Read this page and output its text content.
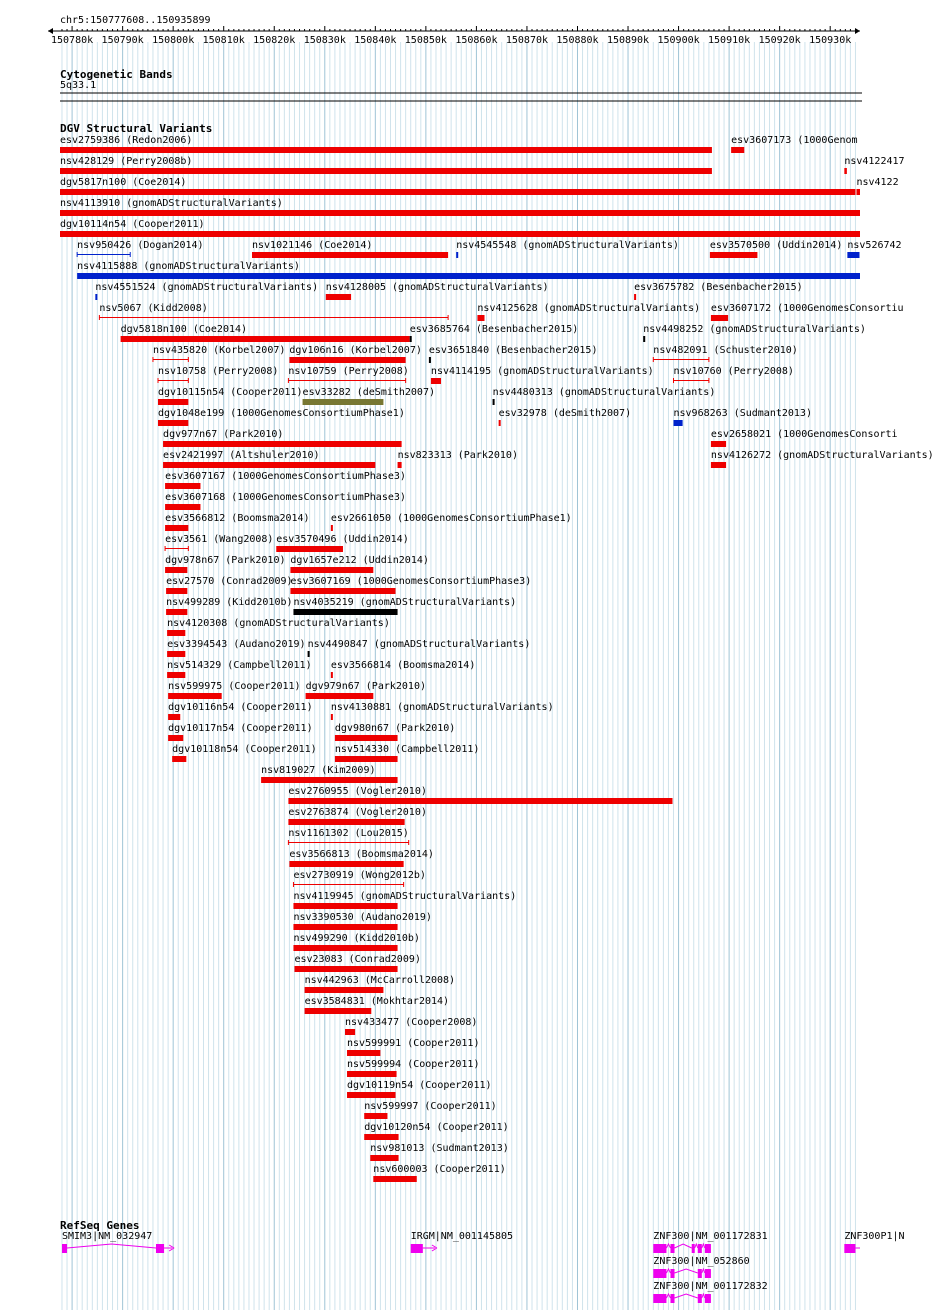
chr5:150777608..150935899
150780k 150790k 150800k 150810k 150820k 150830k 150840k 150850k 150860k 150870k 150880k 150890k 150900k 150910k 150920k 150930k
Cytogenetic Bands
5q33.1
DGV Structural Variants
esv2759386 (Redon2006)	esv3607173 (1000Genom
nsv428129 (Perry2008b)	nsv4122417
dgv5817n100 (Coe2014)	nsv4122
nsv4113910 (gnomADStructuralVariants)
dgv10114n54 (Cooper2011)
nsv950426 (Dogan2014)	nsv1021146 (Coe2014)	nsv4545548 (gnomADStructuralVariants)	esv3570500 (Uddin2014) nsv526742
nsv4115888 (gnomADStructuralVariants)
nsv4551524 (gnomADStructuralVariants) nsv4128005 (gnomADStructuralVariants)	esv3675782 (Besenbacher2015)
nsv5067 (Kidd2008)	nsv4125628 (gnomADStructuralVariants) esv3607172 (1000GenomesConsortiu
dgv5818n100 (Coe2014)	esv3685764 (Besenbacher2015)	nsv4498252 (gnomADStructuralVariants)
nsv435820 (Korbel2007) dgv106n16 (Korbel2007) esv3651840 (Besenbacher2015)	nsv482091 (Schuster2010)
nsv10758 (Perry2008) nsv10759 (Perry2008) nsv4114195 (gnomADStructuralVariants) nsv10760 (Perry2008)
dgv10115n54 (Cooper2011) esv33282 (deSmith2007)	nsv4480313 (gnomADStructuralVariants)
dgv1048e199 (1000GenomesConsortiumPhase1)	esv32978 (deSmith2007)	nsv968263 (Sudmant2013)
dgv977n67 (Park2010)	esv2658021 (1000GenomesConsorti
esv2421997 (Altshuler2010)	nsv823313 (Park2010)	nsv4126272 (gnomADStructuralVariants)
esv3607167 (1000GenomesConsortiumPhase3)
esv3607168 (1000GenomesConsortiumPhase3)
esv3566812 (Boomsma2014) esv2661050 (1000GenomesConsortiumPhase1)
esv3561 (Wang2008) esv3570496 (Uddin2014)
dgv978n67 (Park2010) dgv1657e212 (Uddin2014)
esv27570 (Conrad2009)
esv3607169 (1000GenomesConsortiumPhase3)
nsv499289 (Kidd2010b) nsv4035219 (gnomADStructuralVariants)
nsv4120308 (gnomADStructuralVariants)
esv3394543 (Audano2019) nsv4490847 (gnomADStructuralVariants)
nsv514329 (Campbell2011) esv3566814 (Boomsma2014)
nsv599975 (Cooper2011) dgv979n67 (Park2010)
dgv10116n54 (Cooper2011) nsv4130881 (gnomADStructuralVariants)
dgv10117n54 (Cooper2011) dgv980n67 (Park2010)
dgv10118n54 (Cooper2011) nsv514330 (Campbell2011)
nsv819027 (Kim2009)
esv2760955 (Vogler2010)
esv2763874 (Vogler2010)
nsv1161302 (Lou2015)
esv3566813 (Boomsma2014)
esv2730919 (Wong2012b)
nsv4119945 (gnomADStructuralVariants)
nsv3390530 (Audano2019)
nsv499290 (Kidd2010b)
esv23083 (Conrad2009)
nsv442963 (McCarroll2008)
esv3584831 (Mokhtar2014)
nsv433477 (Cooper2008)
nsv599991 (Cooper2011)
nsv599994 (Cooper2011)
dgv10119n54 (Cooper2011)
nsv599997 (Cooper2011)
dgv10120n54 (Cooper2011)
nsv981013 (Sudmant2013)
nsv600003 (Cooper2011)
RefSeq Genes
SMIM3|NM_032947	IRGM|NM_001145805	ZNF300|NM_001172831	ZNF300P1|N
ZNF300|NM_052860
ZNF300|NM_001172832
